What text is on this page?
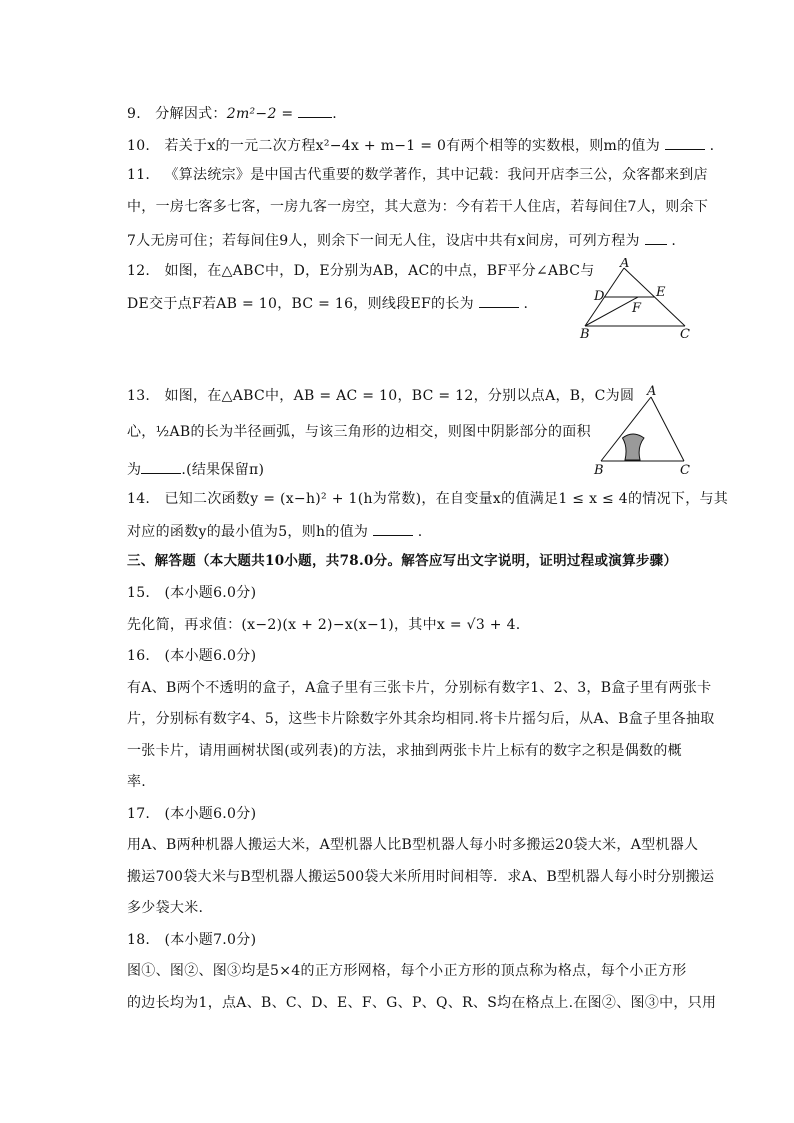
9. 分解因式：2m²−2 =	.
10. 若关于x的一元二次方程x²−4x + m−1 = 0有两个相等的实数根，则m的值为	.
11. 《算法统宗》是中国古代重要的数学著作，其中记载：我问开店李三公，众客都来到店
中，一房七客多七客，一房九客一房空，其大意为：今有若干人住店，若每间住7人，则余下
7人无房可住；若每间住9人，则余下一间无人住，设店中共有x间房，可列方程为 .
12. 如图，在△ABC中，D，E分别为AB，AC的中点，BF平分∠ABC与
DE交于点F若AB = 10，BC = 16，则线段EF的长为	.
A
B	C
D	E
F
13. 如图，在△ABC中，AB = AC = 10，BC = 12，分别以点A，B，C为圆
心，½AB的长为半径画弧，与该三角形的边相交，则图中阴影部分的面积
为	.(结果保留π)
A
B	C
14. 已知二次函数y = (x−h)² + 1(h为常数)，在自变量x的值满足1 ≤ x ≤ 4的情况下，与其
对应的函数y的最小值为5，则h的值为	.
三、解答题（本大题共10小题，共78.0分。解答应写出文字说明，证明过程或演算步骤）
15. (本小题6.0分)
先化简，再求值：(x−2)(x + 2)−x(x−1)，其中x = √3 + 4.
16. (本小题6.0分)
有A、B两个不透明的盒子，A盒子里有三张卡片，分别标有数字1、2、3，B盒子里有两张卡
片，分别标有数字4、5，这些卡片除数字外其余均相同.将卡片摇匀后，从A、B盒子里各抽取
一张卡片，请用画树状图(或列表)的方法，求抽到两张卡片上标有的数字之积是偶数的概
率.
17. (本小题6.0分)
用A、B两种机器人搬运大米，A型机器人比B型机器人每小时多搬运20袋大米，A型机器人
搬运700袋大米与B型机器人搬运500袋大米所用时间相等．求A、B型机器人每小时分别搬运
多少袋大米.
18. (本小题7.0分)
图①、图②、图③均是5×4的正方形网格，每个小正方形的顶点称为格点，每个小正方形
的边长均为1，点A、B、C、D、E、F、G、P、Q、R、S均在格点上.在图②、图③中，只用
